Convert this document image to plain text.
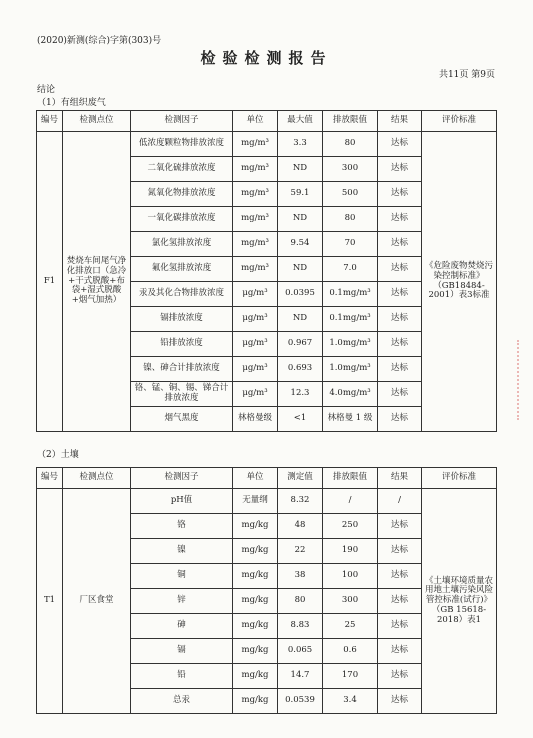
(2020)新测(综合)字第(303)号
检验检测报告
共11页 第9页
结论
（1）有组织废气
编号	检测点位	检测因子	单位	最大值	排放限值	结果	评价标准
F1	焚烧车间尾气净化排放口（急冷+干式脱酸+布袋+湿式脱酸+烟气加热）	低浓度颗粒物排放浓度	mg/m³	3.3	80	达标	《危险废物焚烧污染控制标准》（GB18484-2001）表3标准
		二氧化硫排放浓度	mg/m³	ND	300	达标	
		氮氧化物排放浓度	mg/m³	59.1	500	达标	
		一氧化碳排放浓度	mg/m³	ND	80	达标	
		氯化氢排放浓度	mg/m³	9.54	70	达标	
		氟化氢排放浓度	mg/m³	ND	7.0	达标	
		汞及其化合物排放浓度	μg/m³	0.0395	0.1mg/m³	达标	
		镉排放浓度	μg/m³	ND	0.1mg/m³	达标	
		铅排放浓度	μg/m³	0.967	1.0mg/m³	达标	
		镍、砷合计排放浓度	μg/m³	0.693	1.0mg/m³	达标	
		铬、锰、铜、锡、锑合计排放浓度	μg/m³	12.3	4.0mg/m³	达标	
		烟气黑度	林格曼级	<1	林格曼 1 级	达标	
（2）土壤
编号	检测点位	检测因子	单位	测定值	排放限值	结果	评价标准
T1	厂区食堂	pH值	无量纲	8.32	/	/	《土壤环境质量农用地土壤污染风险管控标准(试行)》（GB 15618-2018）表1
		铬	mg/kg	48	250	达标	
		镍	mg/kg	22	190	达标	
		铜	mg/kg	38	100	达标	
		锌	mg/kg	80	300	达标	
		砷	mg/kg	8.83	25	达标	
		镉	mg/kg	0.065	0.6	达标	
		铅	mg/kg	14.7	170	达标	
		总汞	mg/kg	0.0539	3.4	达标	
